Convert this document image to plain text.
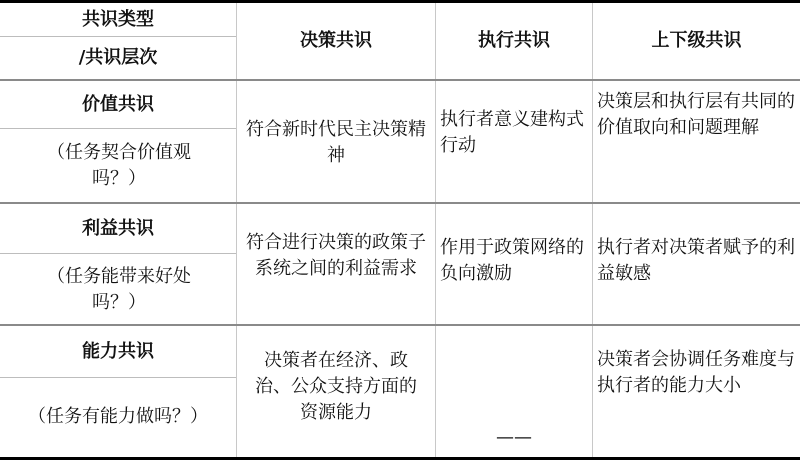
共识类型
/共识层次
决策共识	执行共识	上下级共识
价值共识
（任务契合价值观吗？）
符合新时代民主决策精神
执行者意义建构式行动
决策层和执行层有共同的价值取向和问题理解
利益共识
（任务能带来好处吗？）
符合进行决策的政策子系统之间的利益需求
作用于政策网络的负向激励
执行者对决策者赋予的利益敏感
能力共识
（任务有能力做吗？）
决策者在经济、政治、公众支持方面的资源能力
——
决策者会协调任务难度与执行者的能力大小
